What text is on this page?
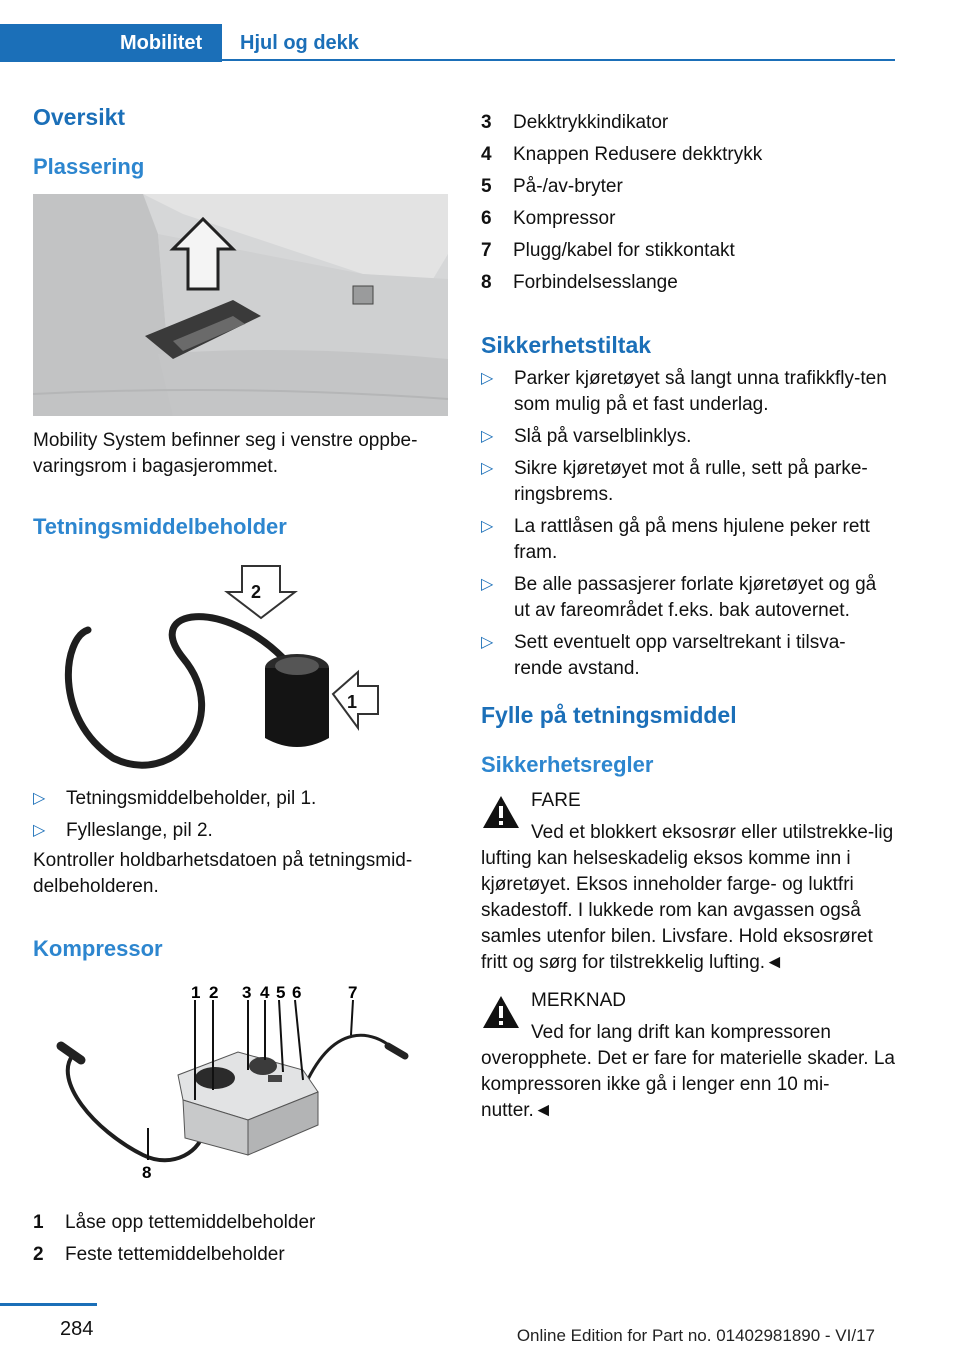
Mobilitet Hjul og dekk
Oversikt
Plassering

Mobility System befinner seg i venstre oppbe-varingsrom i bagasjerommet.

Tetningsmiddelbeholder
2
1
▷ Tetningsmiddelbeholder, pil 1.
▷ Fylleslange, pil 2.

Kontroller holdbarhetsdatoen på tetningsmid-delbeholderen.

Kompressor
1 2 3 4 5 6	7
8
1	Låse opp tettemiddelbeholder
2	Feste tettemiddelbeholder
3	Dekktrykkindikator
4	Knappen Redusere dekktrykk
5	På-/av-bryter
6	Kompressor
7	Plugg/kabel for stikkontakt
8	Forbindelsesslange
Sikkerhetstiltak
▷ Parker kjøretøyet så langt unna trafikkfly-ten som mulig på et fast underlag.
▷ Slå på varselblinklys.
▷ Sikre kjøretøyet mot å rulle, sett på parke-ringsbrems.
▷ La rattlåsen gå på mens hjulene peker rett fram.
▷ Be alle passasjerer forlate kjøretøyet og gå ut av fareområdet f.eks. bak autovernet.
▷ Sett eventuelt opp varseltrekant i tilsva-rende avstand.
Fylle på tetningsmiddel
Sikkerhetsregler
FARE
Ved et blokkert eksosrør eller utilstrekke-lig lufting kan helseskadelig eksos komme inn i kjøretøyet. Eksos inneholder farge- og luktfri skadestoff. I lukkede rom kan avgassen også samles utenfor bilen. Livsfare. Hold eksosrøret fritt og sørg for tilstrekkelig lufting.◄
MERKNAD
Ved for lang drift kan kompressoren overopphete. Det er fare for materielle skader. La kompressoren ikke gå i lenger enn 10 mi-nutter.◄
284	Online Edition for Part no. 01402981890 - VI/17
